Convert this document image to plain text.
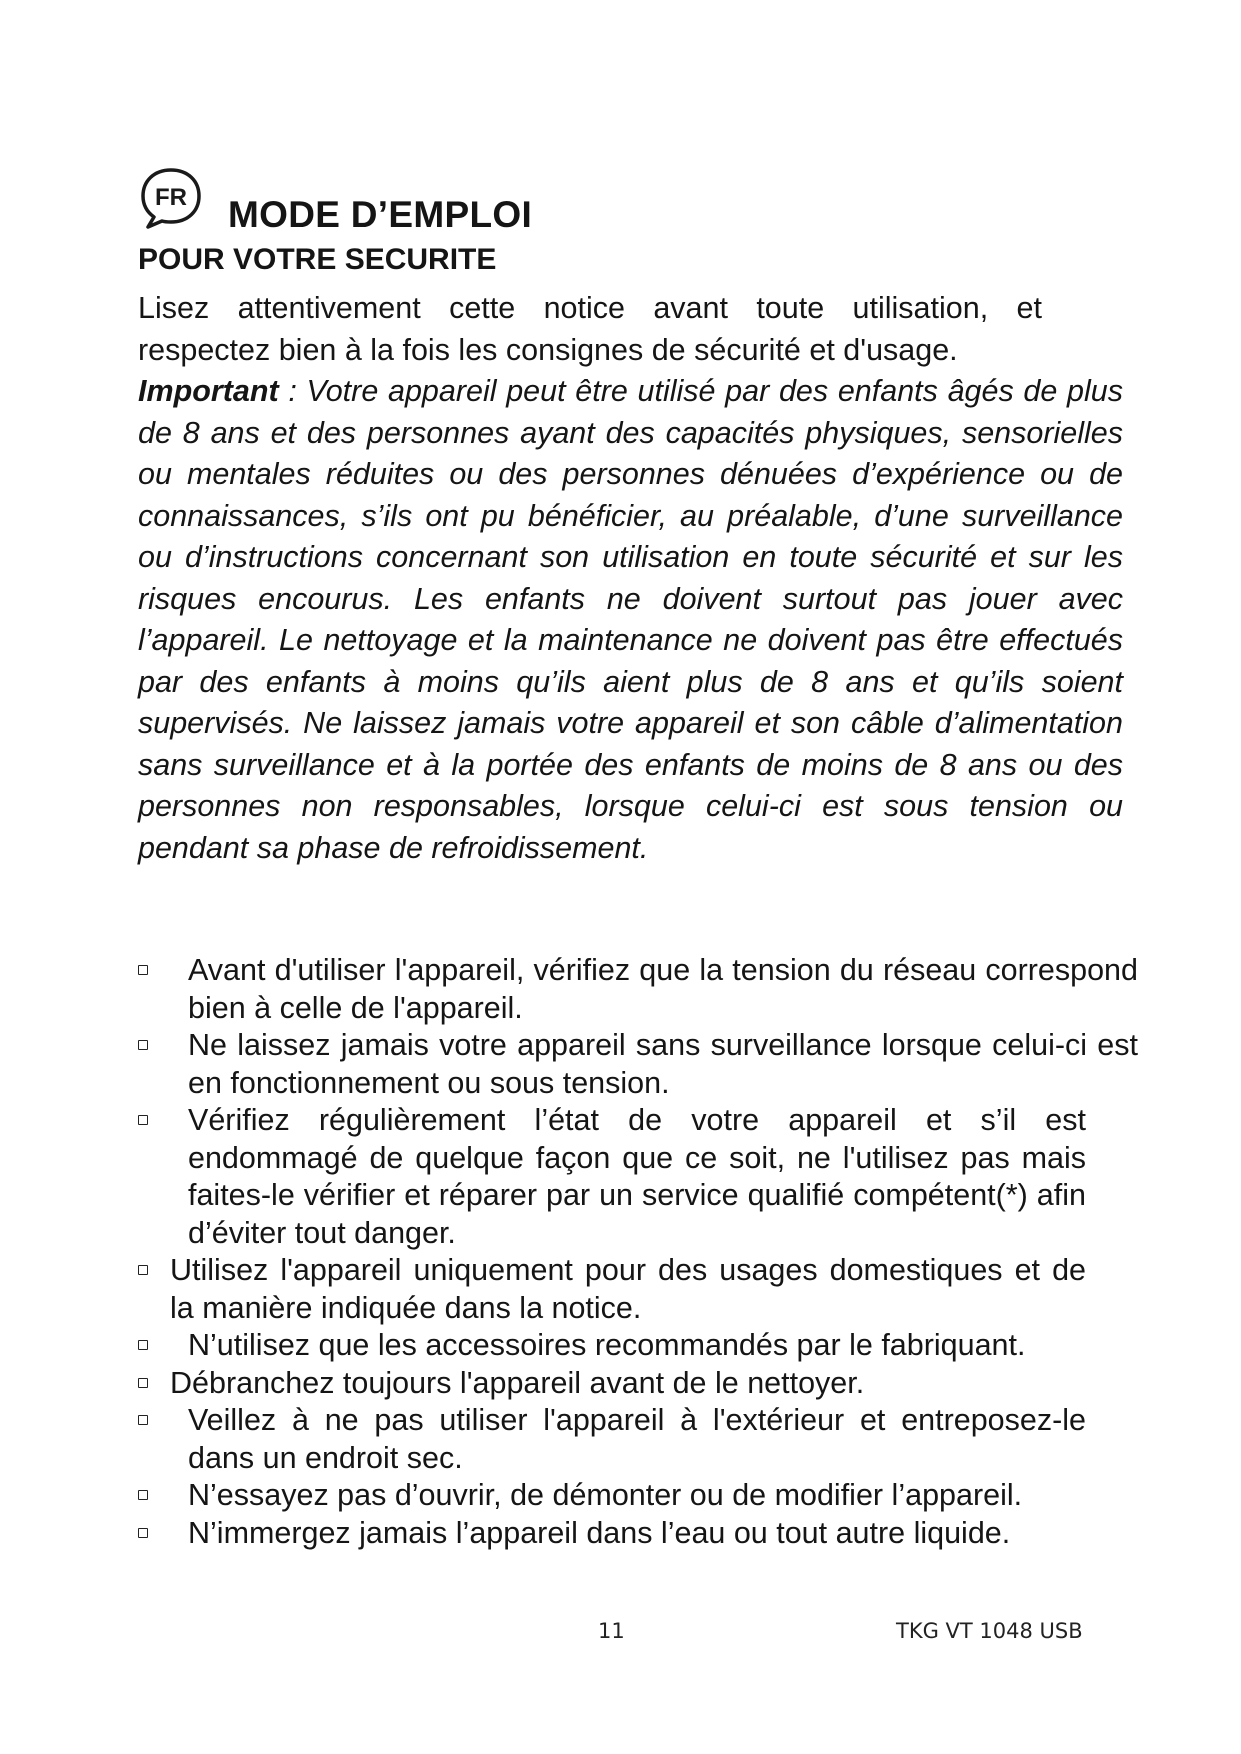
FR MODE D’EMPLOI
POUR VOTRE SECURITE

Lisez attentivement cette notice avant toute utilisation, et respectez bien à la fois les consignes de sécurité et d'usage.

Important : Votre appareil peut être utilisé par des enfants âgés de plus de 8 ans et des personnes ayant des capacités physiques, sensorielles ou mentales réduites ou des personnes dénuées d’expérience ou de connaissances, s’ils ont pu bénéficier, au préalable, d’une surveillance ou d’instructions concernant son utilisation en toute sécurité et sur les risques encourus. Les enfants ne doivent surtout pas jouer avec l’appareil. Le nettoyage et la maintenance ne doivent pas être effectués par des enfants à moins qu’ils aient plus de 8 ans et qu’ils soient supervisés. Ne laissez jamais votre appareil et son câble d’alimentation sans surveillance et à la portée des enfants de moins de 8 ans ou des personnes non responsables, lorsque celui-ci est sous tension ou pendant sa phase de refroidissement.

Avant d'utiliser l'appareil, vérifiez que la tension du réseau correspond bien à celle de l'appareil.
Ne laissez jamais votre appareil sans surveillance lorsque celui-ci est en fonctionnement ou sous tension.
Vérifiez régulièrement l’état de votre appareil et s’il est endommagé de quelque façon que ce soit, ne l'utilisez pas mais faites-le vérifier et réparer par un service qualifié compétent(*) afin d’éviter tout danger.
Utilisez l'appareil uniquement pour des usages domestiques et de la manière indiquée dans la notice.
N’utilisez que les accessoires recommandés par le fabriquant.
Débranchez toujours l'appareil avant de le nettoyer.
Veillez à ne pas utiliser l'appareil à l'extérieur et entreposez-le dans un endroit sec.
N’essayez pas d’ouvrir, de démonter ou de modifier l’appareil.
N’immergez jamais l’appareil dans l’eau ou tout autre liquide.
11	TKG VT 1048 USB
